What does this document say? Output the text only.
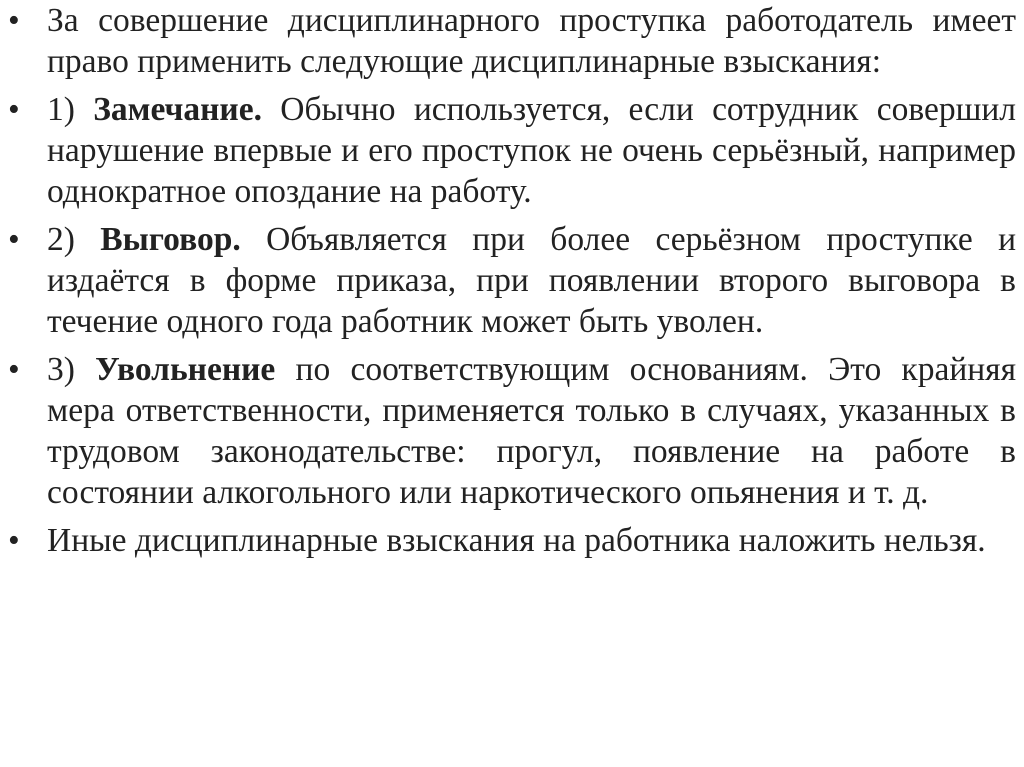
• За совершение дисциплинарного проступка работодатель имеет право применить следующие дисциплинарные взыскания:
• 1) Замечание. Обычно используется, если сотрудник совершил нарушение впервые и его проступок не очень серьёзный, например однократное опоздание на работу.
• 2) Выговор. Объявляется при более серьёзном проступке и издаётся в форме приказа, при появлении второго выговора в течение одного года работник может быть уволен.
• 3) Увольнение по соответствующим основаниям. Это крайняя мера ответственности, применяется только в случаях, указанных в трудовом законодательстве: прогул, появление на работе в состоянии алкогольного или наркотического опьянения и т. д.
• Иные дисциплинарные взыскания на работника наложить нельзя.
